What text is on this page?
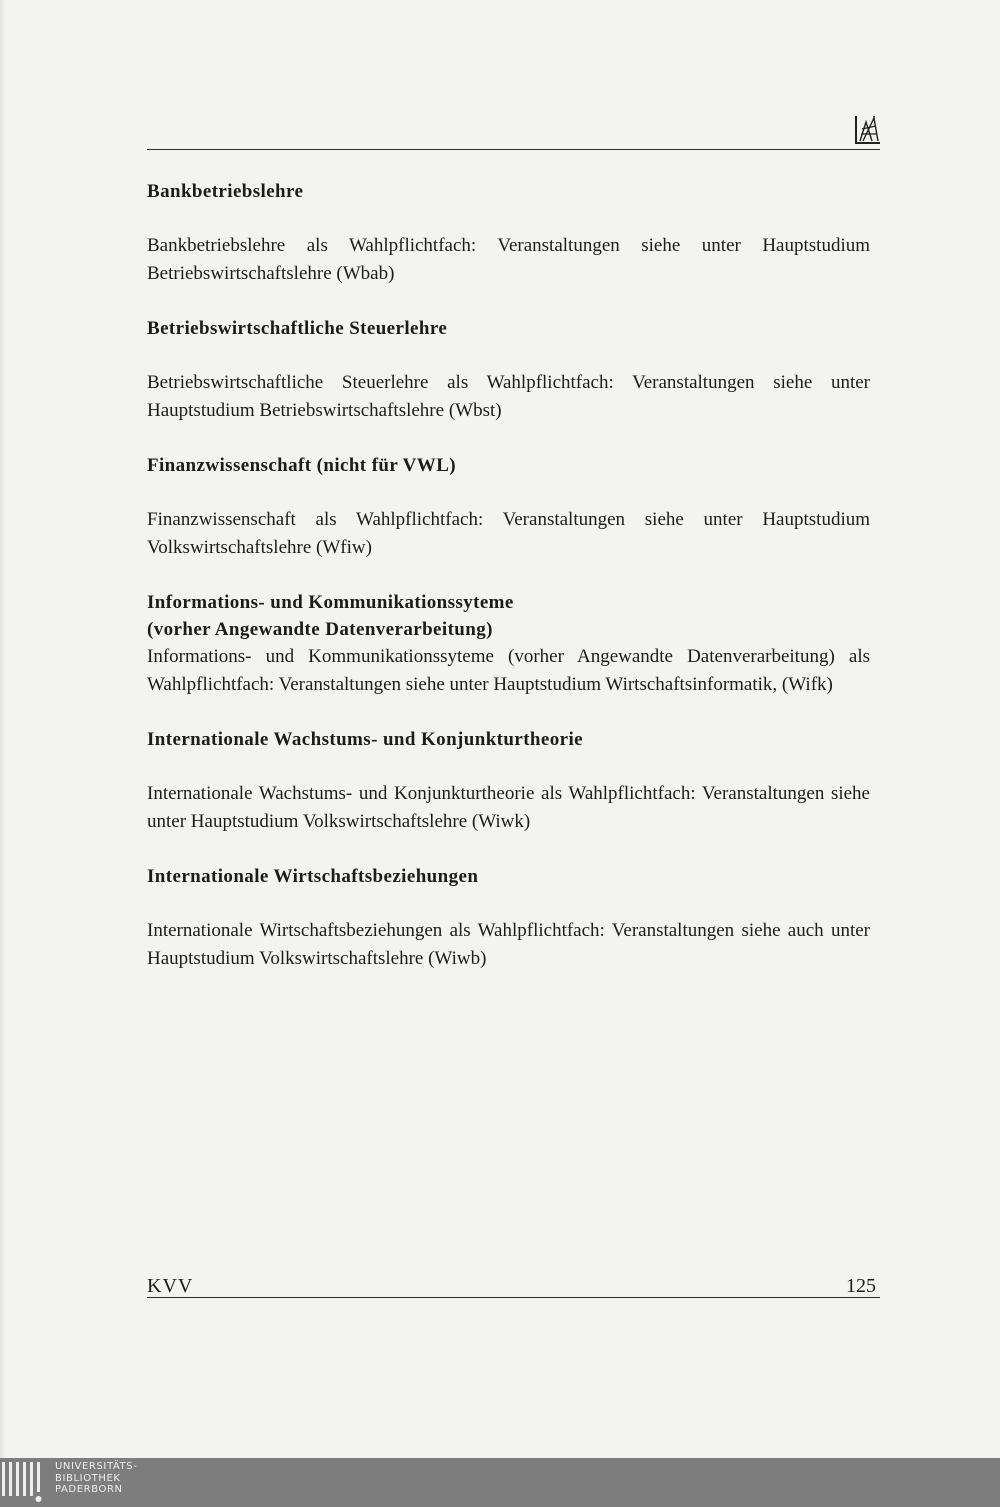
Bankbetriebslehre

Bankbetriebslehre als Wahlpflichtfach: Veranstaltungen siehe unter Hauptstudium Betriebswirtschaftslehre (Wbab)

Betriebswirtschaftliche Steuerlehre

Betriebswirtschaftliche Steuerlehre als Wahlpflichtfach: Veranstaltungen siehe unter Hauptstudium Betriebswirtschaftslehre (Wbst)

Finanzwissenschaft (nicht für VWL)

Finanzwissenschaft als Wahlpflichtfach: Veranstaltungen siehe unter Hauptstudium Volkswirtschaftslehre (Wfiw)

Informations- und Kommunikationssyteme

(vorher Angewandte Datenverarbeitung)

Informations- und Kommunikationssyteme (vorher Angewandte Datenverarbeitung) als Wahlpflichtfach: Veranstaltungen siehe unter Hauptstudium Wirtschaftsinformatik, (Wifk)

Internationale Wachstums- und Konjunkturtheorie

Internationale Wachstums- und Konjunkturtheorie als Wahlpflichtfach: Veranstaltungen siehe unter Hauptstudium Volkswirtschaftslehre (Wiwk)

Internationale Wirtschaftsbeziehungen

Internationale Wirtschaftsbeziehungen als Wahlpflichtfach: Veranstaltungen siehe auch unter Hauptstudium Volkswirtschaftslehre (Wiwb)

KVV	125
UNIVERSITÄTS-
BIBLIOTHEK
PADERBORN
